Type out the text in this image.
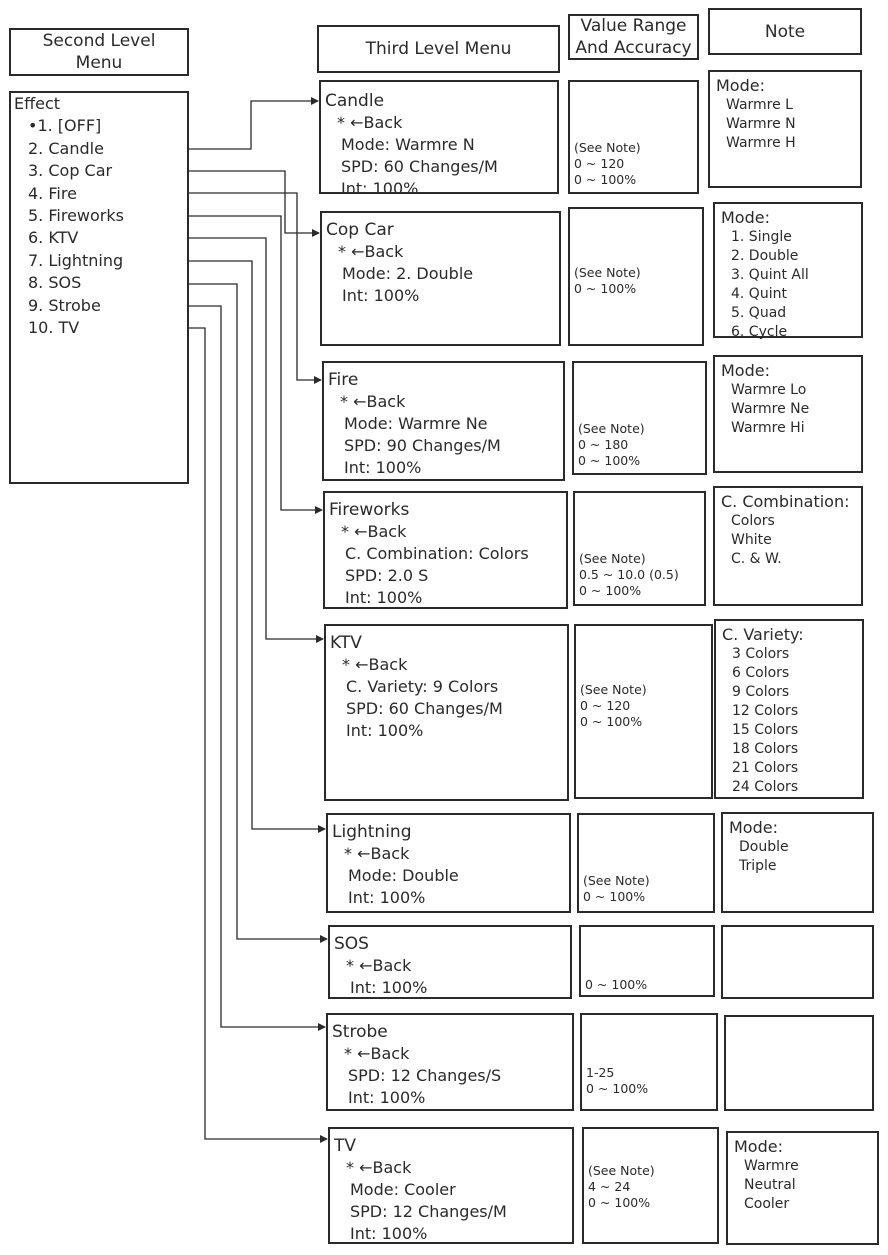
Second Level
Menu
Third Level Menu
Value Range
And Accuracy
Note
Effect
•1. [OFF]
2. Candle
3. Cop Car
4. Fire
5. Fireworks
6. KTV
7. Lightning
8. SOS
9. Strobe
10. TV
Candle
* ←Back
Mode: Warmre N
SPD: 60 Changes/M
Int: 100%
(See Note)
0 ~ 120
0 ~ 100%
Mode:
Warmre L
Warmre N
Warmre H
Cop Car
* ←Back
Mode: 2. Double
Int: 100%
(See Note)
0 ~ 100%
Mode:
1. Single
2. Double
3. Quint All
4. Quint
5. Quad
6. Cycle
Fire
* ←Back
Mode: Warmre Ne
SPD: 90 Changes/M
Int: 100%
(See Note)
0 ~ 180
0 ~ 100%
Mode:
Warmre Lo
Warmre Ne
Warmre Hi
Fireworks
* ←Back
C. Combination: Colors
SPD: 2.0 S
Int: 100%
(See Note)
0.5 ~ 10.0 (0.5)
0 ~ 100%
C. Combination:
Colors
White
C. & W.
KTV
* ←Back
C. Variety: 9 Colors
SPD: 60 Changes/M
Int: 100%
(See Note)
0 ~ 120
0 ~ 100%
C. Variety:
3 Colors
6 Colors
9 Colors
12 Colors
15 Colors
18 Colors
21 Colors
24 Colors
Lightning
* ←Back
Mode: Double
Int: 100%
(See Note)
0 ~ 100%
Mode:
Double
Triple
SOS
* ←Back
Int: 100%	0 ~ 100%
Strobe
* ←Back
SPD: 12 Changes/S
Int: 100%
1-25
0 ~ 100%
TV
* ←Back
Mode: Cooler
SPD: 12 Changes/M
Int: 100%
(See Note)
4 ~ 24
0 ~ 100%
Mode:
Warmre
Neutral
Cooler
